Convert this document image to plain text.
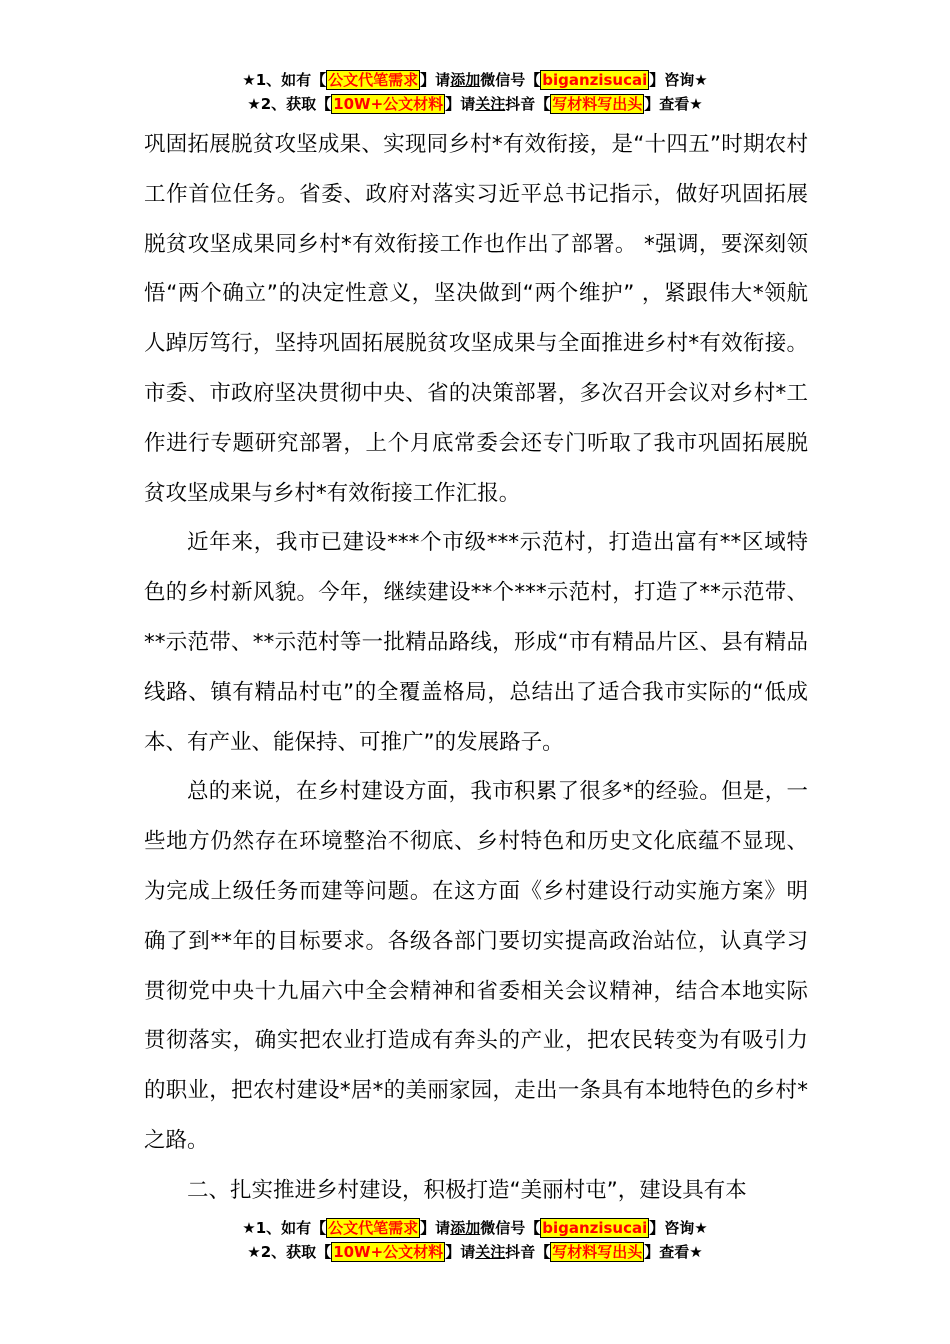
★1、如有【 公文代笔需求 】请添加微信号【 biganzisucai 】咨询★
★2、获取【 10W+公文材料 】请关注抖音【 写材料写出头 】查看★

巩固拓展脱贫攻坚成果、实现同乡村*有效衔接，是“十四五”时期农村工作首位任务。省委、政府对落实习近平总书记指示，做好巩固拓展脱贫攻坚成果同乡村*有效衔接工作也作出了部署。 *强调，要深刻领悟“两个确立”的决定性意义，坚决做到“两个维护” ，紧跟伟大*领航人踔厉笃行，坚持巩固拓展脱贫攻坚成果与全面推进乡村*有效衔接。市委、市政府坚决贯彻中央、省的决策部署，多次召开会议对乡村*工作进行专题研究部署，上个月底常委会还专门听取了我市巩固拓展脱贫攻坚成果与乡村*有效衔接工作汇报。

近年来，我市已建设***个市级***示范村，打造出富有**区域特色的乡村新风貌。今年，继续建设**个***示范村，打造了**示范带、**示范带、**示范村等一批精品路线，形成“市有精品片区、县有精品线路、镇有精品村屯”的全覆盖格局，总结出了适合我市实际的“低成本、有产业、能保持、可推广”的发展路子。

总的来说，在乡村建设方面，我市积累了很多*的经验。但是，一些地方仍然存在环境整治不彻底、乡村特色和历史文化底蕴不显现、为完成上级任务而建等问题。在这方面《乡村建设行动实施方案》明确了到**年的目标要求。各级各部门要切实提高政治站位，认真学习贯彻党中央十九届六中全会精神和省委相关会议精神，结合本地实际贯彻落实，确实把农业打造成有奔头的产业，把农民转变为有吸引力的职业，把农村建设*居*的美丽家园，走出一条具有本地特色的乡村*之路。

二、扎实推进乡村建设，积极打造“美丽村屯”，建设具有本

★1、如有【 公文代笔需求 】请添加微信号【 biganzisucai 】咨询★
★2、获取【 10W+公文材料 】请关注抖音【 写材料写出头 】查看★
